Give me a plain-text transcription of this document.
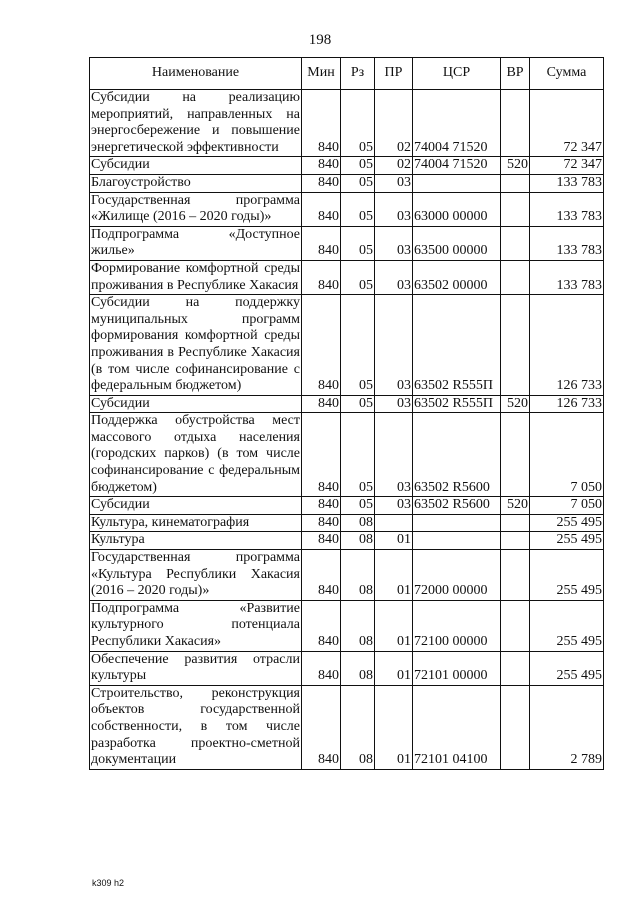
198
Наименование	Мин	Рз	ПР	ЦСР	ВР	Сумма
Субсидии на реализацию мероприятий, направленных на энергосбережение и повышение энергетической эффективности	840	05	02	74004 71520		72 347
Субсидии	840	05	02	74004 71520	520	72 347
Благоустройство	840	05	03			133 783
Государственная программа «Жилище (2016 – 2020 годы)»	840	05	03	63000 00000		133 783
Подпрограмма «Доступное жилье»	840	05	03	63500 00000		133 783
Формирование комфортной среды проживания в Республике Хакасия	840	05	03	63502 00000		133 783
Субсидии на поддержку муниципальных программ формирования комфортной среды проживания в Республике Хакасия (в том числе софинансирование с федеральным бюджетом)	840	05	03	63502 R555П		126 733
Субсидии	840	05	03	63502 R555П	520	126 733
Поддержка обустройства мест массового отдыха населения (городских парков) (в том числе софинансирование с федеральным бюджетом)	840	05	03	63502 R5600		7 050
Субсидии	840	05	03	63502 R5600	520	7 050
Культура, кинематография	840	08				255 495
Культура	840	08	01			255 495
Государственная программа «Культура Республики Хакасия (2016 – 2020 годы)»	840	08	01	72000 00000		255 495
Подпрограмма «Развитие культурного потенциала Республики Хакасия»	840	08	01	72100 00000		255 495
Обеспечение развития отрасли культуры	840	08	01	72101 00000		255 495
Строительство, реконструкция объектов государственной собственности, в том числе разработка проектно-сметной документации	840	08	01	72101 04100		2 789
k309 h2
